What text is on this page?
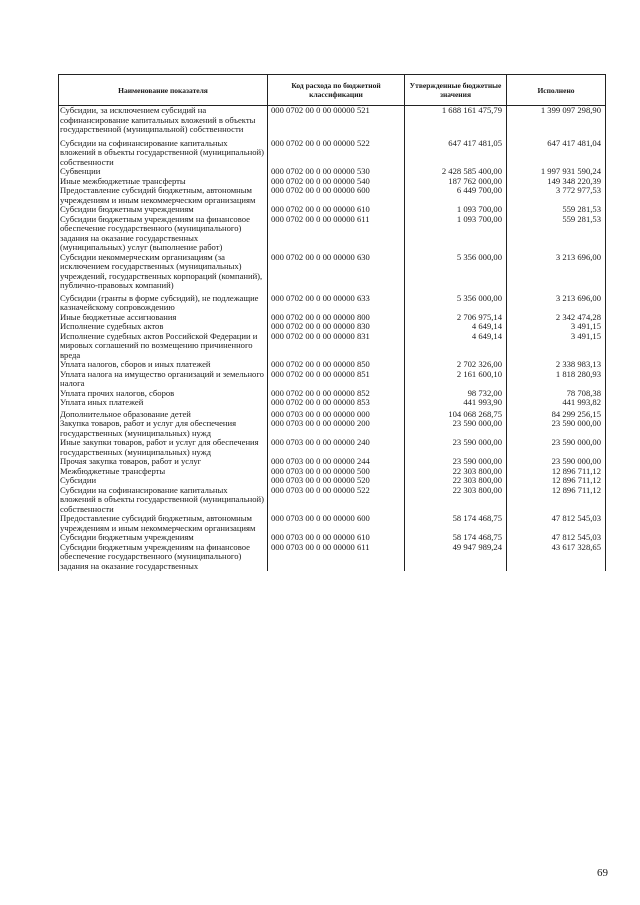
Наименование показателя	Код расхода по бюджетной классификации	Утвержденные бюджетные значения	Исполнено
Субсидии, за исключением субсидий на софинансирование капитальных вложений в объекты государственной (муниципальной) собственности	000 0702 00 0 00 00000 521	1 688 161 475,79	1 399 097 298,90
Субсидии на софинансирование капитальных вложений в объекты государственной (муниципальной) собственности	000 0702 00 0 00 00000 522	647 417 481,05	647 417 481,04
Субвенции	000 0702 00 0 00 00000 530	2 428 585 400,00	1 997 931 590,24
Иные межбюджетные трансферты	000 0702 00 0 00 00000 540	187 762 000,00	149 348 220,39
Предоставление субсидий бюджетным, автономным учреждениям и иным некоммерческим организациям	000 0702 00 0 00 00000 600	6 449 700,00	3 772 977,53
Субсидии бюджетным учреждениям	000 0702 00 0 00 00000 610	1 093 700,00	559 281,53
Субсидии бюджетным учреждениям на финансовое обеспечение государственного (муниципального) задания на оказание государственных (муниципальных) услуг (выполнение работ)	000 0702 00 0 00 00000 611	1 093 700,00	559 281,53
Субсидии некоммерческим организациям (за исключением государственных (муниципальных) учреждений, государственных корпораций (компаний), публично-правовых компаний)	000 0702 00 0 00 00000 630	5 356 000,00	3 213 696,00
Субсидии (гранты в форме субсидий), не подлежащие казначейскому сопровождению	000 0702 00 0 00 00000 633	5 356 000,00	3 213 696,00
Иные бюджетные ассигнования	000 0702 00 0 00 00000 800	2 706 975,14	2 342 474,28
Исполнение судебных актов	000 0702 00 0 00 00000 830	4 649,14	3 491,15
Исполнение судебных актов Российской Федерации и мировых соглашений по возмещению причиненного вреда	000 0702 00 0 00 00000 831	4 649,14	3 491,15
Уплата налогов, сборов и иных платежей	000 0702 00 0 00 00000 850	2 702 326,00	2 338 983,13
Уплата налога на имущество организаций и земельного налога	000 0702 00 0 00 00000 851	2 161 600,10	1 818 280,93
Уплата прочих налогов, сборов	000 0702 00 0 00 00000 852	98 732,00	78 708,38
Уплата иных платежей	000 0702 00 0 00 00000 853	441 993,90	441 993,82
Дополнительное образование детей	000 0703 00 0 00 00000 000	104 068 268,75	84 299 256,15
Закупка товаров, работ и услуг для обеспечения государственных (муниципальных) нужд	000 0703 00 0 00 00000 200	23 590 000,00	23 590 000,00
Иные закупки товаров, работ и услуг для обеспечения государственных (муниципальных) нужд	000 0703 00 0 00 00000 240	23 590 000,00	23 590 000,00
Прочая закупка товаров, работ и услуг	000 0703 00 0 00 00000 244	23 590 000,00	23 590 000,00
Межбюджетные трансферты	000 0703 00 0 00 00000 500	22 303 800,00	12 896 711,12
Субсидии	000 0703 00 0 00 00000 520	22 303 800,00	12 896 711,12
Субсидии на софинансирование капитальных вложений в объекты государственной (муниципальной) собственности	000 0703 00 0 00 00000 522	22 303 800,00	12 896 711,12
Предоставление субсидий бюджетным, автономным учреждениям и иным некоммерческим организациям	000 0703 00 0 00 00000 600	58 174 468,75	47 812 545,03
Субсидии бюджетным учреждениям	000 0703 00 0 00 00000 610	58 174 468,75	47 812 545,03
Субсидии бюджетным учреждениям на финансовое обеспечение государственного (муниципального) задания на оказание государственных	000 0703 00 0 00 00000 611	49 947 989,24	43 617 328,65
69
